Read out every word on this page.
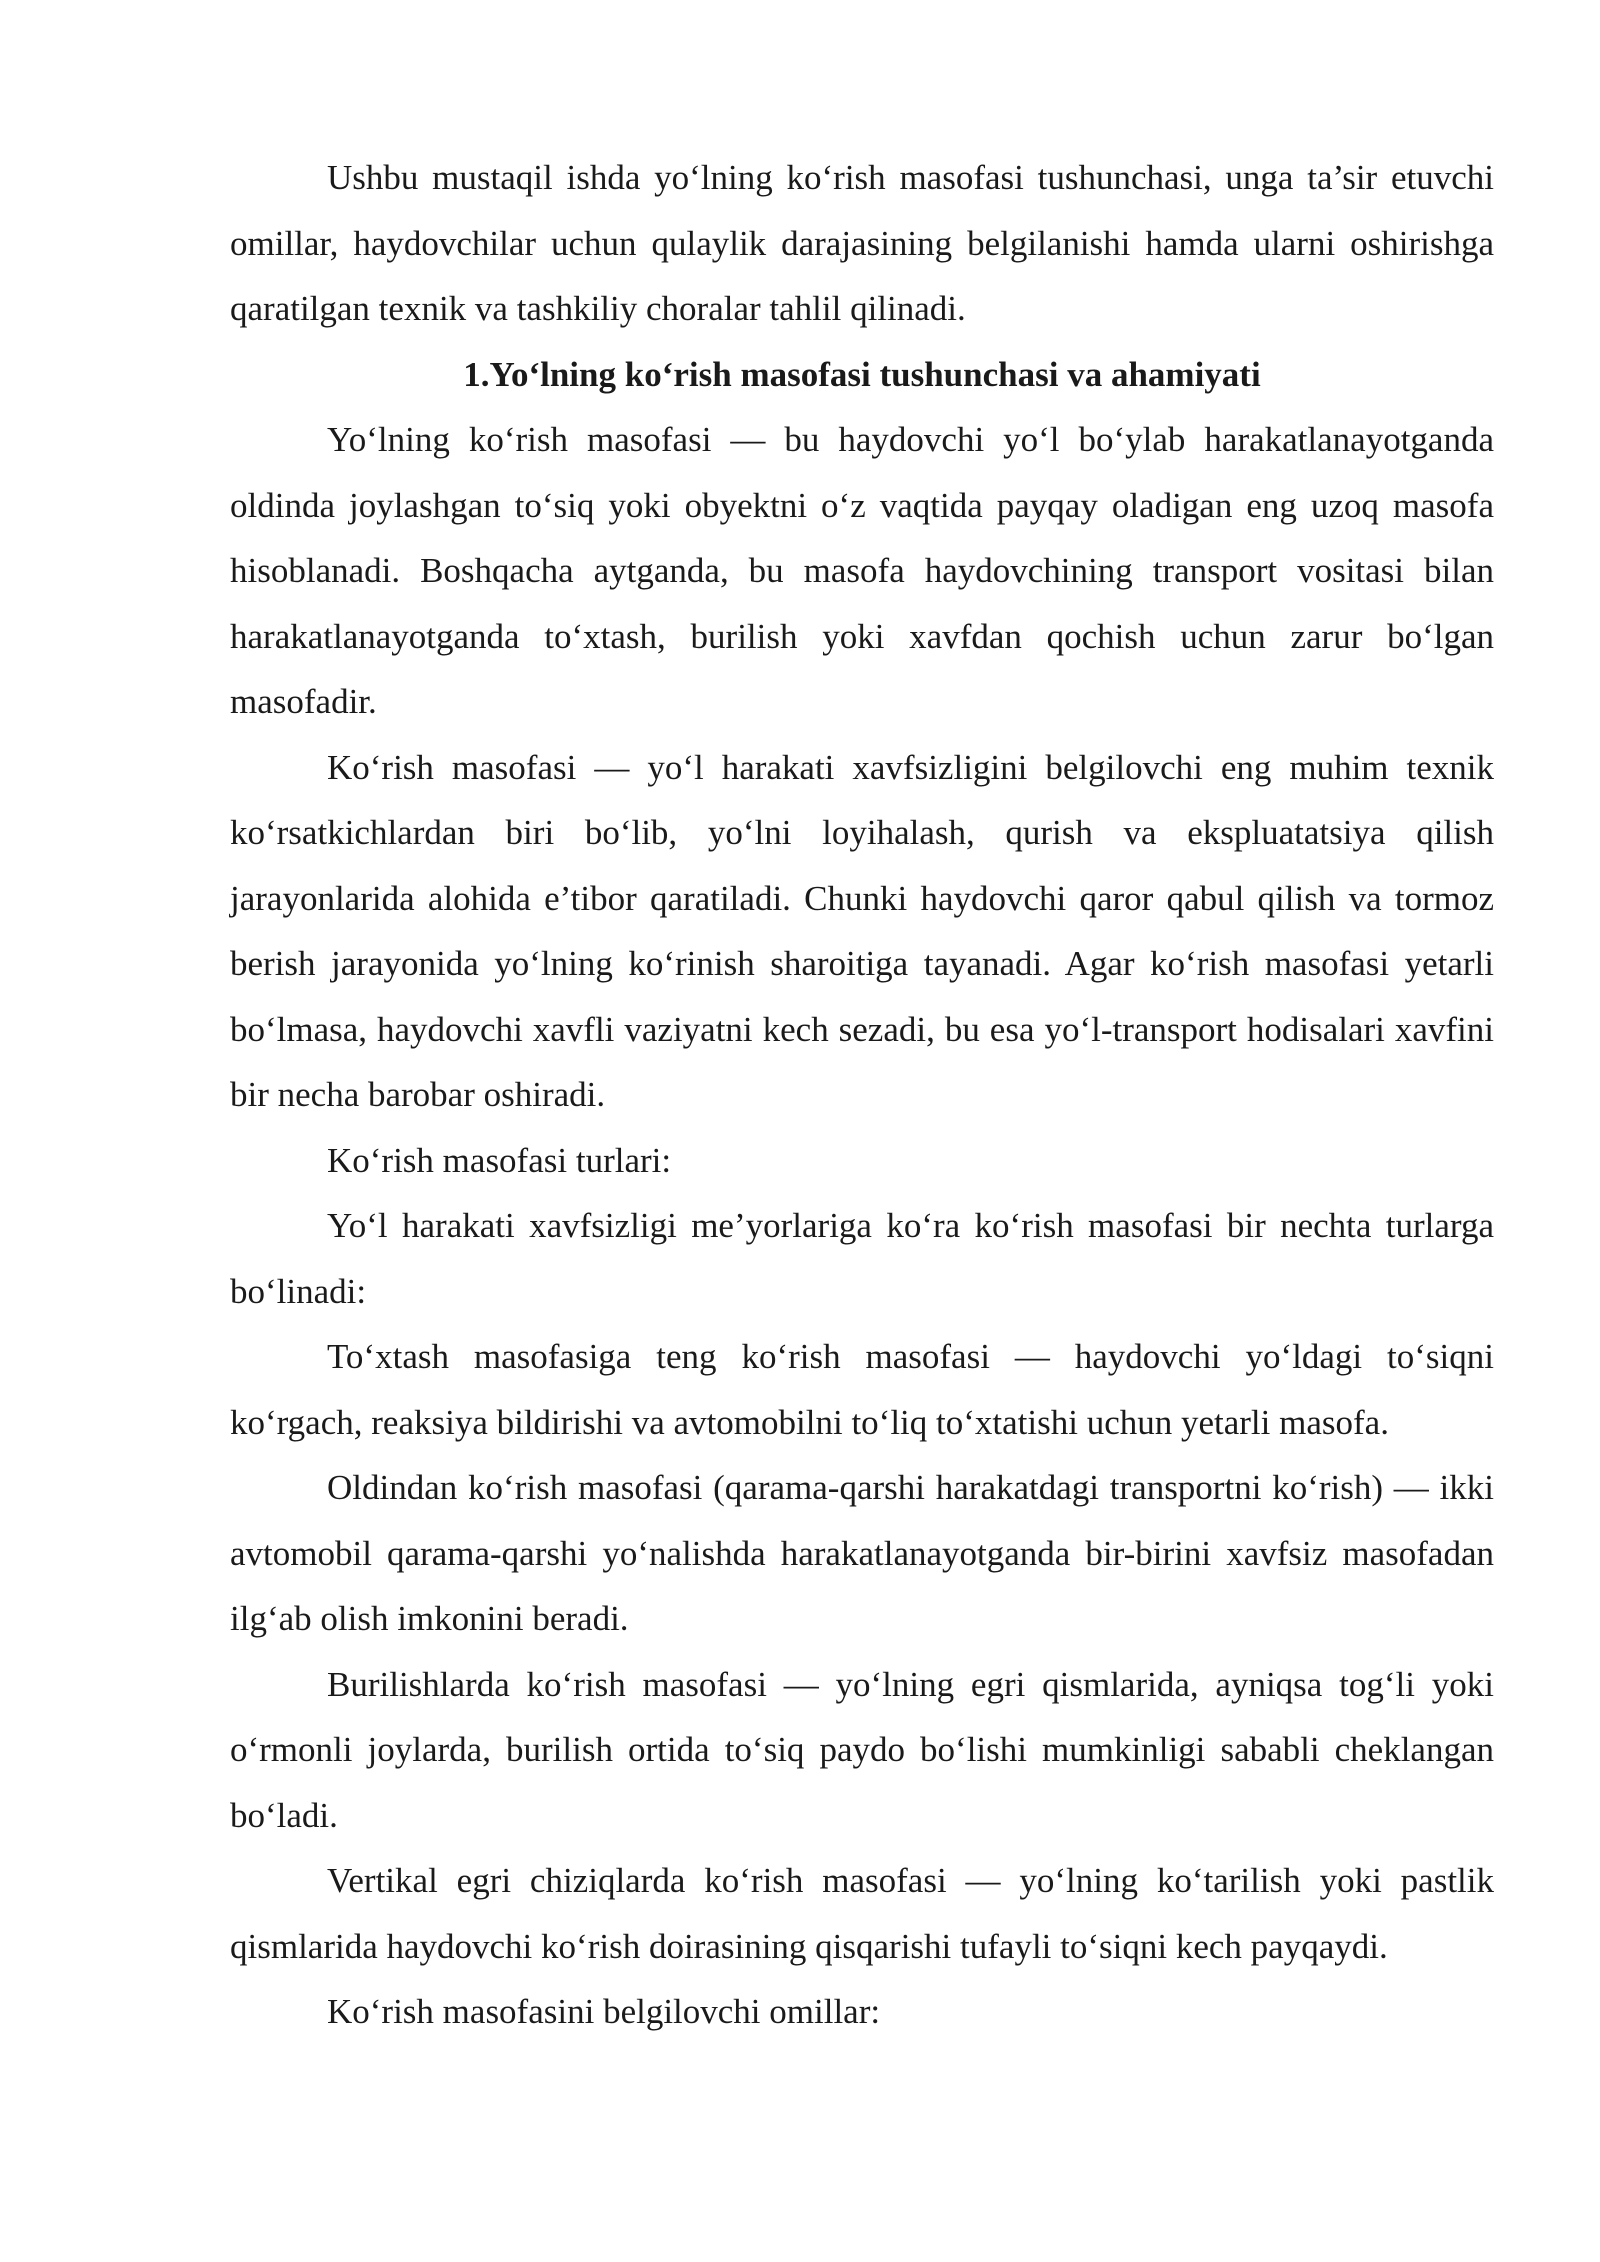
Ushbu mustaqil ishda yo‘lning ko‘rish masofasi tushunchasi, unga ta’sir etuvchi omillar, haydovchilar uchun qulaylik darajasining belgilanishi hamda ularni oshirishga qaratilgan texnik va tashkiliy choralar tahlil qilinadi.

1.Yo‘lning ko‘rish masofasi tushunchasi va ahamiyati

Yo‘lning ko‘rish masofasi — bu haydovchi yo‘l bo‘ylab harakatlanayotganda oldinda joylashgan to‘siq yoki obyektni o‘z vaqtida payqay oladigan eng uzoq masofa hisoblanadi. Boshqacha aytganda, bu masofa haydovchining transport vositasi bilan harakatlanayotganda to‘xtash, burilish yoki xavfdan qochish uchun zarur bo‘lgan masofadir.

Ko‘rish masofasi — yo‘l harakati xavfsizligini belgilovchi eng muhim texnik ko‘rsatkichlardan biri bo‘lib, yo‘lni loyihalash, qurish va ekspluatatsiya qilish jarayonlarida alohida e’tibor qaratiladi. Chunki haydovchi qaror qabul qilish va tormoz berish jarayonida yo‘lning ko‘rinish sharoitiga tayanadi. Agar ko‘rish masofasi yetarli bo‘lmasa, haydovchi xavfli vaziyatni kech sezadi, bu esa yo‘l-transport hodisalari xavfini bir necha barobar oshiradi.

Ko‘rish masofasi turlari:

Yo‘l harakati xavfsizligi me’yorlariga ko‘ra ko‘rish masofasi bir nechta turlarga bo‘linadi:

To‘xtash masofasiga teng ko‘rish masofasi — haydovchi yo‘ldagi to‘siqni ko‘rgach, reaksiya bildirishi va avtomobilni to‘liq to‘xtatishi uchun yetarli masofa.

Oldindan ko‘rish masofasi (qarama-qarshi harakatdagi transportni ko‘rish) — ikki avtomobil qarama-qarshi yo‘nalishda harakatlanayotganda bir-birini xavfsiz masofadan ilg‘ab olish imkonini beradi.

Burilishlarda ko‘rish masofasi — yo‘lning egri qismlarida, ayniqsa tog‘li yoki o‘rmonli joylarda, burilish ortida to‘siq paydo bo‘lishi mumkinligi sababli cheklangan bo‘ladi.

Vertikal egri chiziqlarda ko‘rish masofasi — yo‘lning ko‘tarilish yoki pastlik qismlarida haydovchi ko‘rish doirasining qisqarishi tufayli to‘siqni kech payqaydi.

Ko‘rish masofasini belgilovchi omillar:
